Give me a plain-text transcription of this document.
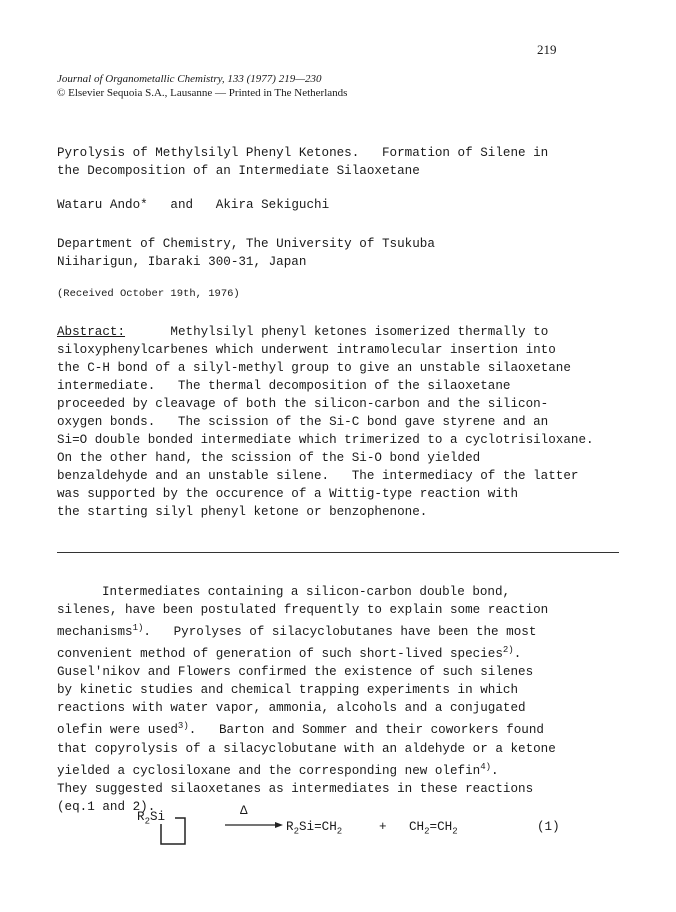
219
Journal of Organometallic Chemistry, 133 (1977) 219—230
© Elsevier Sequoia S.A., Lausanne — Printed in The Netherlands
Pyrolysis of Methylsilyl Phenyl Ketones.   Formation of Silene in
the Decomposition of an Intermediate Silaoxetane
Wataru Ando* and Akira Sekiguchi
Department of Chemistry, The University of Tsukuba
Niiharigun, Ibaraki 300-31, Japan
(Received October 19th, 1976)
Abstract:	Methylsilyl phenyl ketones isomerized thermally to
siloxyphenylcarbenes which underwent intramolecular insertion into
the C-H bond of a silyl-methyl group to give an unstable silaoxetane
intermediate.   The thermal decomposition of the silaoxetane
proceeded by cleavage of both the silicon-carbon and the silicon-
oxygen bonds.   The scission of the Si-C bond gave styrene and an
Si=O double bonded intermediate which trimerized to a cyclotrisiloxane.
On the other hand, the scission of the Si-O bond yielded
benzaldehyde and an unstable silene.   The intermediacy of the latter
was supported by the occurence of a Wittig-type reaction with
the starting silyl phenyl ketone or benzophenone.
Intermediates containing a silicon-carbon double bond,
silenes, have been postulated frequently to explain some reaction
mechanisms$^{1)}$.   Pyrolyses of silacyclobutanes have been the most
convenient method of generation of such short-lived species$^{2)}$.
Gusel'nikov and Flowers confirmed the existence of such silenes
by kinetic studies and chemical trapping experiments in which
reactions with water vapor, ammonia, alcohols and a conjugated
olefin were used$^{3)}$.   Barton and Sommer and their coworkers found
that copyrolysis of a silacyclobutane with an aldehyde or a ketone
yielded a cyclosiloxane and the corresponding new olefin$^{4)}$.
They suggested silaoxetanes as intermediates in these reactions
(eq.1 and 2).
$R_2Si$	Δ
$R_2Si=CH_2$	+ $CH_2=CH_2$	(1)
